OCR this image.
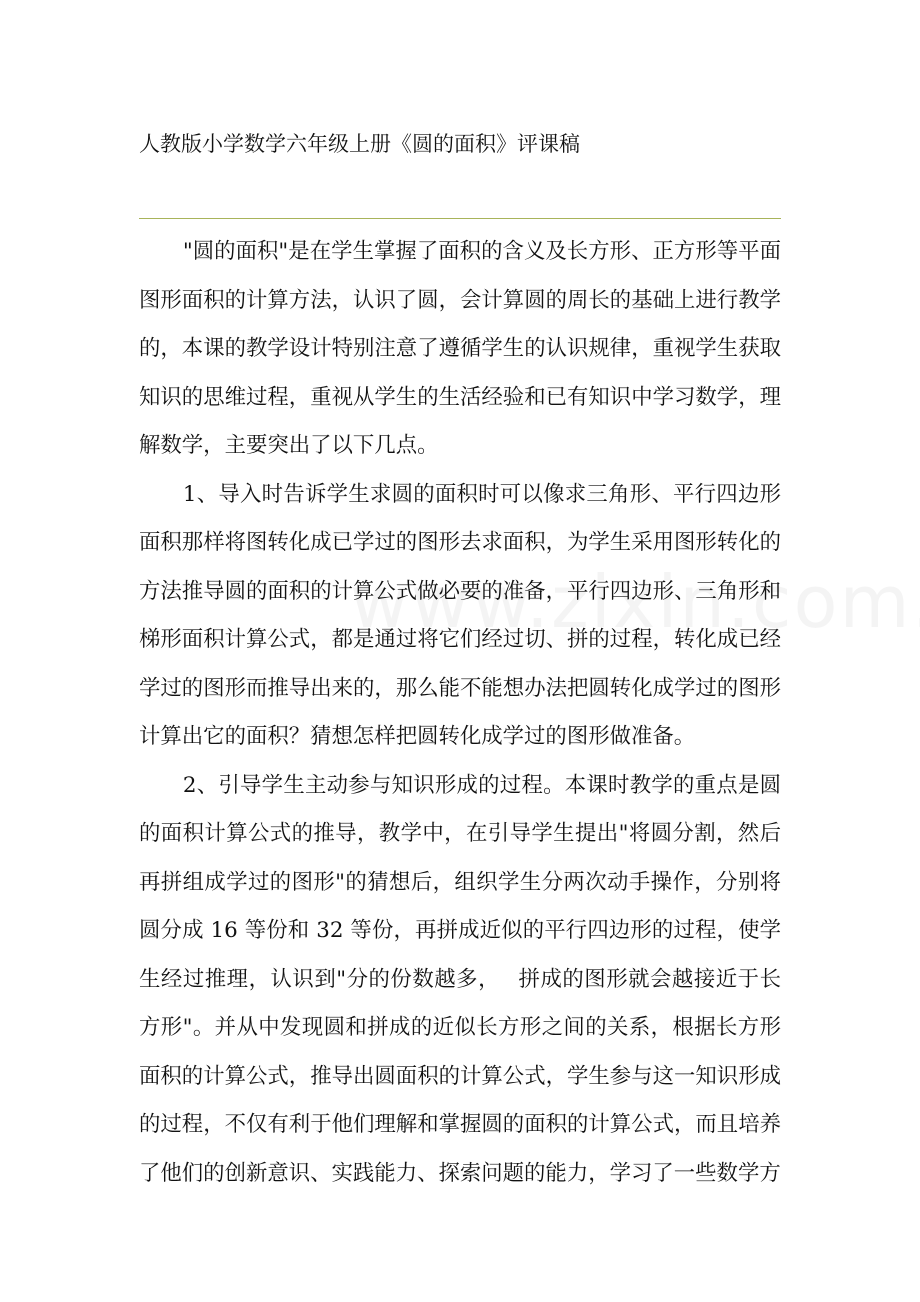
人教版小学数学六年级上册《圆的面积》评课稿

"圆的面积"是在学生掌握了面积的含义及长方形、正方形等平面图形面积的计算方法，认识了圆，会计算圆的周长的基础上进行教学的，本课的教学设计特别注意了遵循学生的认识规律，重视学生获取知识的思维过程，重视从学生的生活经验和已有知识中学习数学，理解数学，主要突出了以下几点。

1、导入时告诉学生求圆的面积时可以像求三角形、平行四边形面积那样将图转化成已学过的图形去求面积，为学生采用图形转化的方法推导圆的面积的计算公式做必要的准备，平行四边形、三角形和梯形面积计算公式，都是通过将它们经过切、拼的过程，转化成已经学过的图形而推导出来的，那么能不能想办法把圆转化成学过的图形计算出它的面积？猜想怎样把圆转化成学过的图形做准备。

2、引导学生主动参与知识形成的过程。本课时教学的重点是圆的面积计算公式的推导，教学中，在引导学生提出"将圆分割，然后再拼组成学过的图形"的猜想后，组织学生分两次动手操作，分别将圆分成 16 等份和 32 等份，再拼成近似的平行四边形的过程，使学生经过推理，认识到"分的份数越多，　 拼成的图形就会越接近于长方形"。并从中发现圆和拼成的近似长方形之间的关系，根据长方形面积的计算公式，推导出圆面积的计算公式，学生参与这一知识形成的过程，不仅有利于他们理解和掌握圆的面积的计算公式，而且培养了他们的创新意识、实践能力、探索问题的能力，学习了一些数学方
